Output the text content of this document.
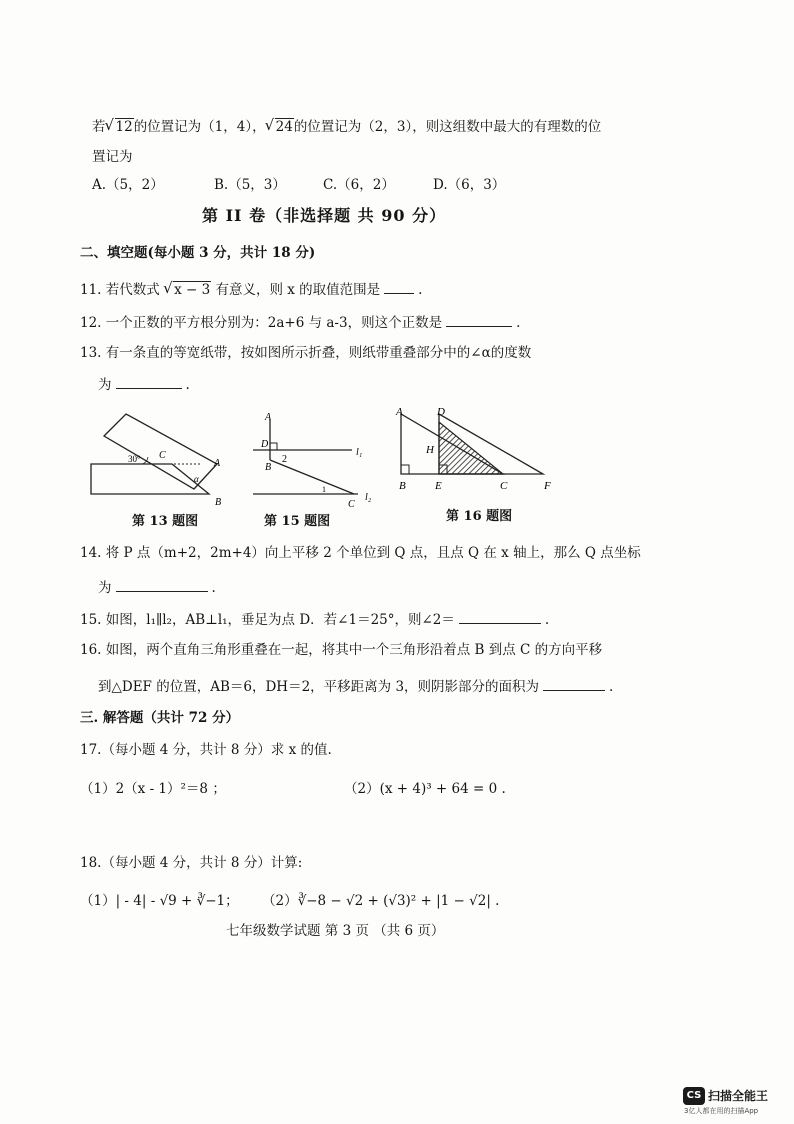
若 √ 12的位置记为（1，4）， √ 24的位置记为（2，3），则这组数中最大的有理数的位
置记为
A.（5，2）	B.（5，3）	C.（6，2）	D.（6，3）
第 II 卷（非选择题 共 90 分）
二、填空题(每小题 3 分，共计 18 分)
11. 若代数式 √ x − 3 有意义，则 x 的取值范围是	.
12. 一个正数的平方根分别为：2a+6 与 a-3，则这个正数是	.
13. 有一条直的等宽纸带，按如图所示折叠，则纸带重叠部分中的∠α的度数
为	.
30° C
A
α
B
第 13 题图
A
D
B
2
1
C
l₁
l₂
第 15 题图
A	D
H
B	E	C	F
第 16 题图
14. 将 P 点（m+2，2m+4）向上平移 2 个单位到 Q 点，且点 Q 在 x 轴上，那么 Q 点坐标
为	.
15. 如图，l₁∥l₂，AB⊥l₁，垂足为点 D．若∠1＝25°，则∠2＝	.
16. 如图，两个直角三角形重叠在一起，将其中一个三角形沿着点 B 到点 C 的方向平移
到△DEF 的位置，AB＝6，DH＝2，平移距离为 3，则阴影部分的面积为	.
三. 解答题（共计 72 分）
17.（每小题 4 分，共计 8 分）求 x 的值.
（1）2（x - 1）²＝8 ；	（2）(x + 4)³ + 64 = 0 .
18.（每小题 4 分，共计 8 分）计算:
（1）| - 4| - √9 + ∛−1； （2）∛−8 − √2 + (√3)² + |1 − √2| .
七年级数学试题 第 3 页 （共 6 页）
CS 扫描全能王
3亿人都在用的扫描App
